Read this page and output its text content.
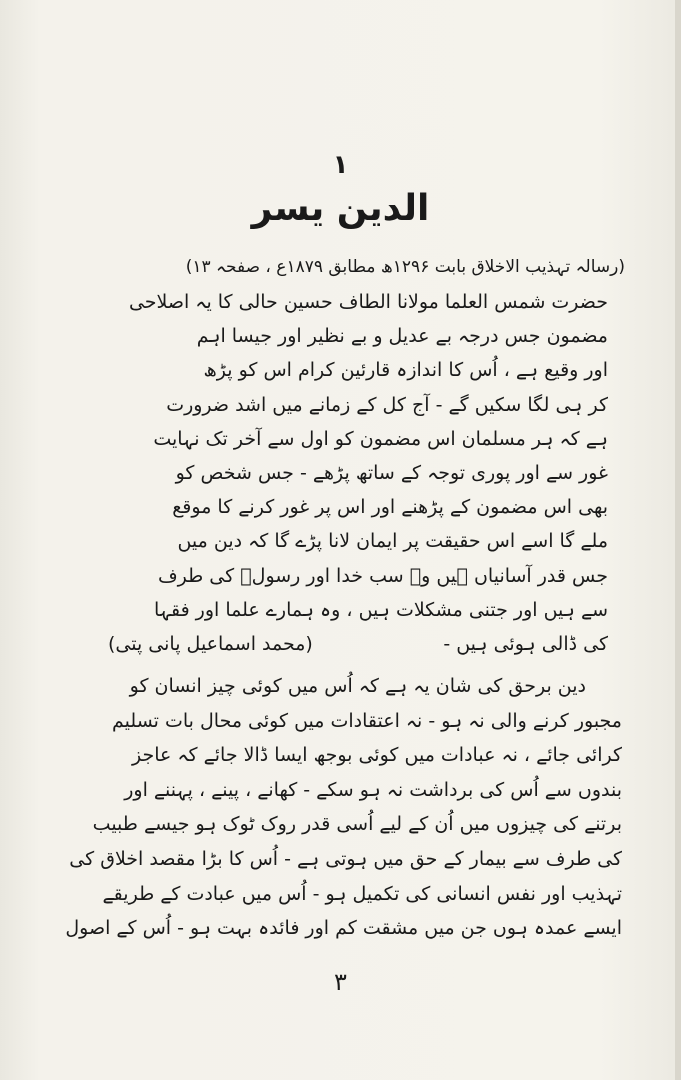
۱
الدین یسر
(رسالہ تہذیب الاخلاق بابت ۱۲۹۶ھ مطابق ۱۸۷۹ع ، صفحہ ۱۳)
حضرت شمس العلما مولانا الطاف حسین حالی کا یہ اصلاحی
مضمون جس درجہ بے عدیل و بے نظیر اور جیسا اہم
اور وقیع ہے ، اُس کا اندازہ قارئین کرام اس کو پڑھ
کر ہی لگا سکیں گے - آج کل کے زمانے میں اشد ضرورت
ہے کہ ہر مسلمان اس مضمون کو اول سے آخر تک نہایت
غور سے اور پوری توجہ کے ساتھ پڑھے - جس شخص کو
بھی اس مضمون کے پڑھنے اور اس پر غور کرنے کا موقع
ملے گا اسے اس حقیقت پر ایمان لانا پڑے گا کہ دین میں
جس قدر آسانیاں ہیں وہ سب خدا اور رسولؐ کی طرف
سے ہیں اور جتنی مشکلات ہیں ، وہ ہمارے علما اور فقہا
کی ڈالی ہوئی ہیں -
(محمد اسماعیل پانی پتی)
دین برحق کی شان یہ ہے کہ اُس میں کوئی چیز انسان کو
مجبور کرنے والی نہ ہو - نہ اعتقادات میں کوئی محال بات تسلیم
کرائی جائے ، نہ عبادات میں کوئی بوجھ ایسا ڈالا جائے کہ عاجز
بندوں سے اُس کی برداشت نہ ہو سکے - کھانے ، پینے ، پہننے اور
برتنے کی چیزوں میں اُن کے لیے اُسی قدر روک ٹوک ہو جیسے طبیب
کی طرف سے بیمار کے حق میں ہوتی ہے - اُس کا بڑا مقصد اخلاق کی
تہذیب اور نفس انسانی کی تکمیل ہو - اُس میں عبادت کے طریقے
ایسے عمدہ ہوں جن میں مشقت کم اور فائدہ بہت ہو - اُس کے اصول
۳
